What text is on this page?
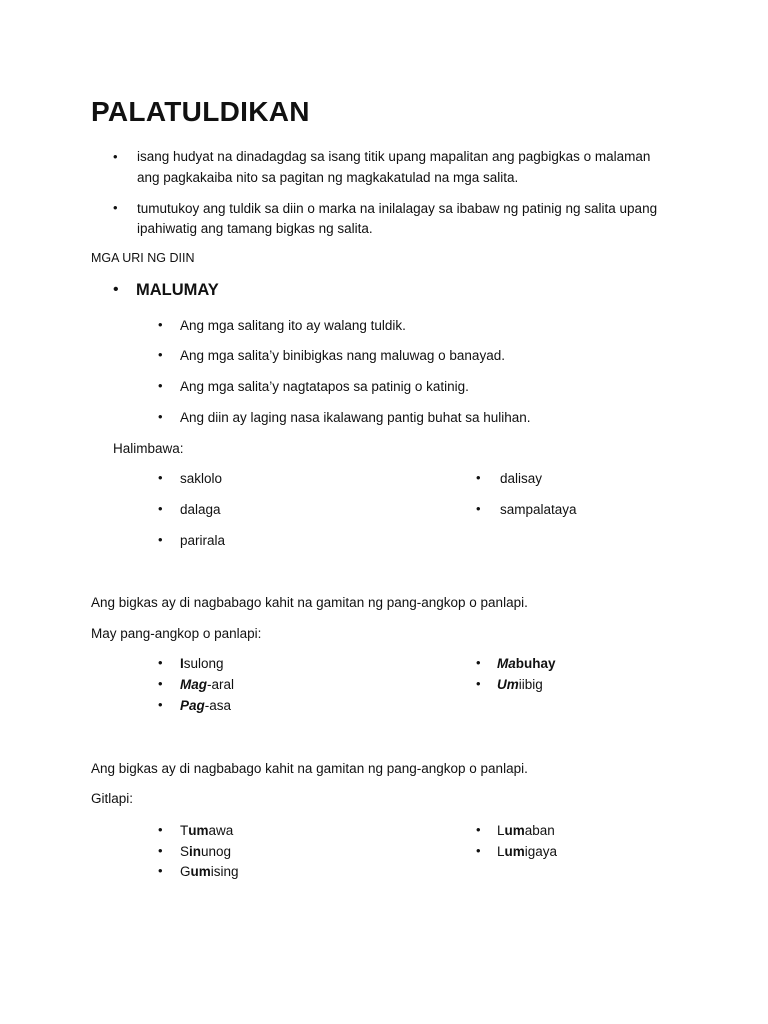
PALATULDIKAN
• isang hudyat na dinadagdag sa isang titik upang mapalitan ang pagbigkas o malaman
ang pagkakaiba nito sa pagitan ng magkakatulad na mga salita.
• tumutukoy ang tuldik sa diin o marka na inilalagay sa ibabaw ng patinig ng salita upang
ipahiwatig ang tamang bigkas ng salita.
MGA URI NG DIIN
• MALUMAY
• Ang mga salitang ito ay walang tuldik.
• Ang mga salita’y binibigkas nang maluwag o banayad.
• Ang mga salita’y nagtatapos sa patinig o katinig.
• Ang diin ay laging nasa ikalawang pantig buhat sa hulihan.
Halimbawa:
• saklolo
• dalaga
• parirala
• dalisay
• sampalataya
Ang bigkas ay di nagbabago kahit na gamitan ng pang-angkop o panlapi.
May pang-angkop o panlapi:
• Isulong
• Mag-aral
• Pag-asa
• Mabuhay
• Umiibig
Ang bigkas ay di nagbabago kahit na gamitan ng pang-angkop o panlapi.
Gitlapi:
• Tumawa
• Sinunog
• Gumising
• Lumaban
• Lumigaya
